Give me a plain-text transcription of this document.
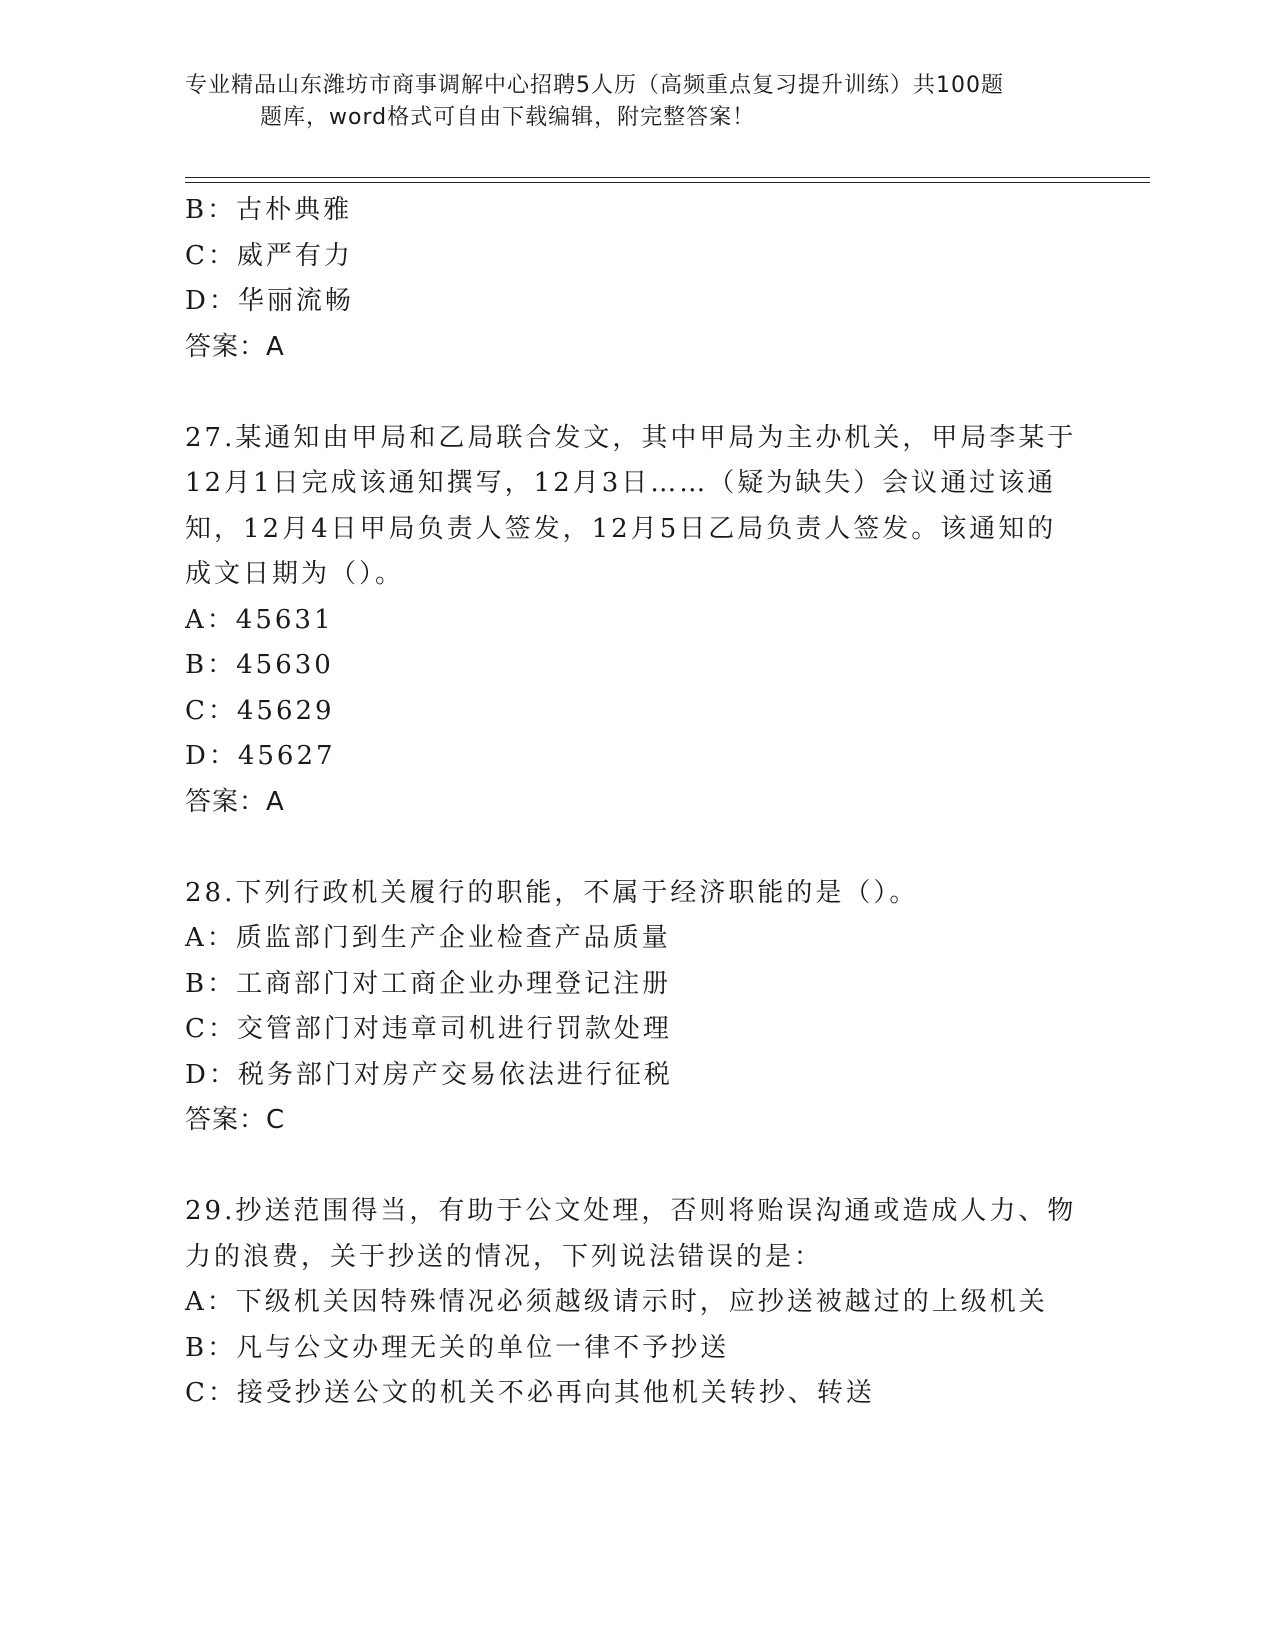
专业精品山东潍坊市商事调解中心招聘5人历（高频重点复习提升训练）共100题
题库，word格式可自由下载编辑，附完整答案！
B：古朴典雅
C：威严有力
D：华丽流畅
答案：A
27.某通知由甲局和乙局联合发文，其中甲局为主办机关，甲局李某于
12月1日完成该通知撰写，12月3日……（疑为缺失）会议通过该通
知，12月4日甲局负责人签发，12月5日乙局负责人签发。该通知的
成文日期为（）。
A：45631
B：45630
C：45629
D：45627
答案：A
28.下列行政机关履行的职能，不属于经济职能的是（）。
A：质监部门到生产企业检查产品质量
B：工商部门对工商企业办理登记注册
C：交管部门对违章司机进行罚款处理
D：税务部门对房产交易依法进行征税
答案：C
29.抄送范围得当，有助于公文处理，否则将贻误沟通或造成人力、物
力的浪费，关于抄送的情况，下列说法错误的是：
A：下级机关因特殊情况必须越级请示时，应抄送被越过的上级机关
B：凡与公文办理无关的单位一律不予抄送
C：接受抄送公文的机关不必再向其他机关转抄、转送
